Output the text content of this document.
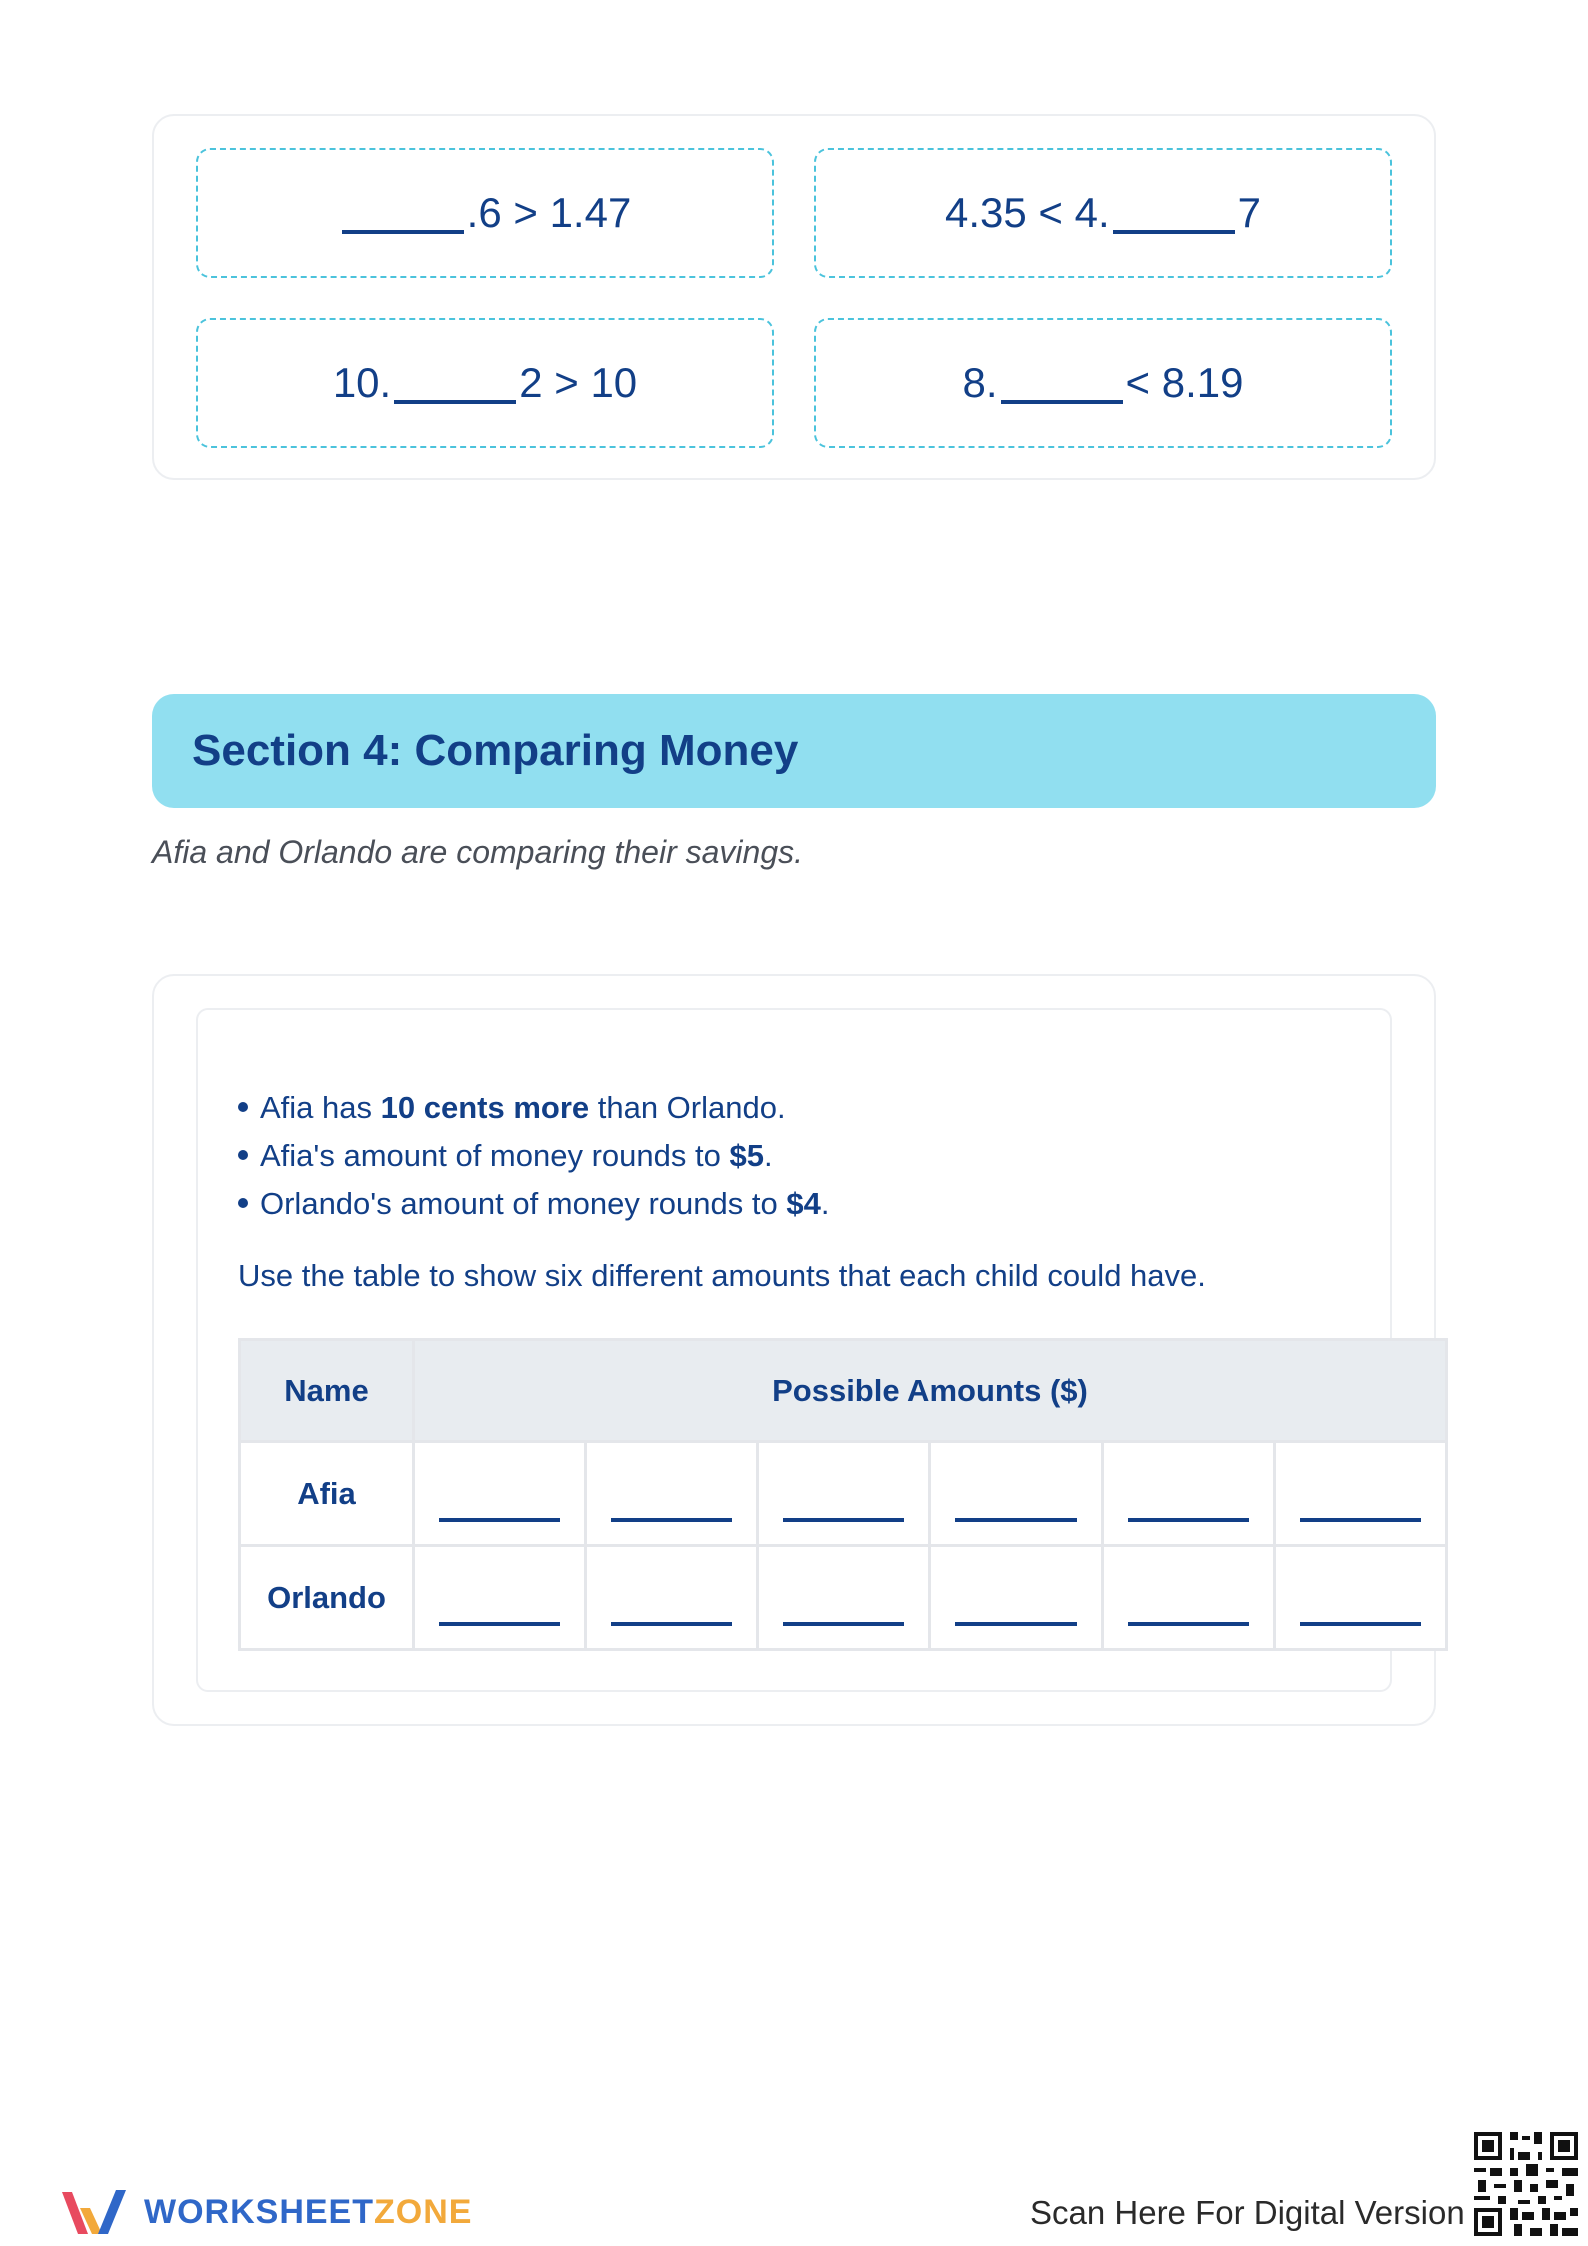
.6 > 1.47	4.35 < 4.	7
10.	2 > 10	8.	< 8.19
Section 4: Comparing Money

Afia and Orlando are comparing their savings.

Afia has 10 cents more than Orlando.
Afia's amount of money rounds to $5.
Orlando's amount of money rounds to $4.

Use the table to show six different amounts that each child could have.

Name	Possible Amounts ($)					
Afia	

Orlando	

WORKSHEETZONE	Scan Here For Digital Version
